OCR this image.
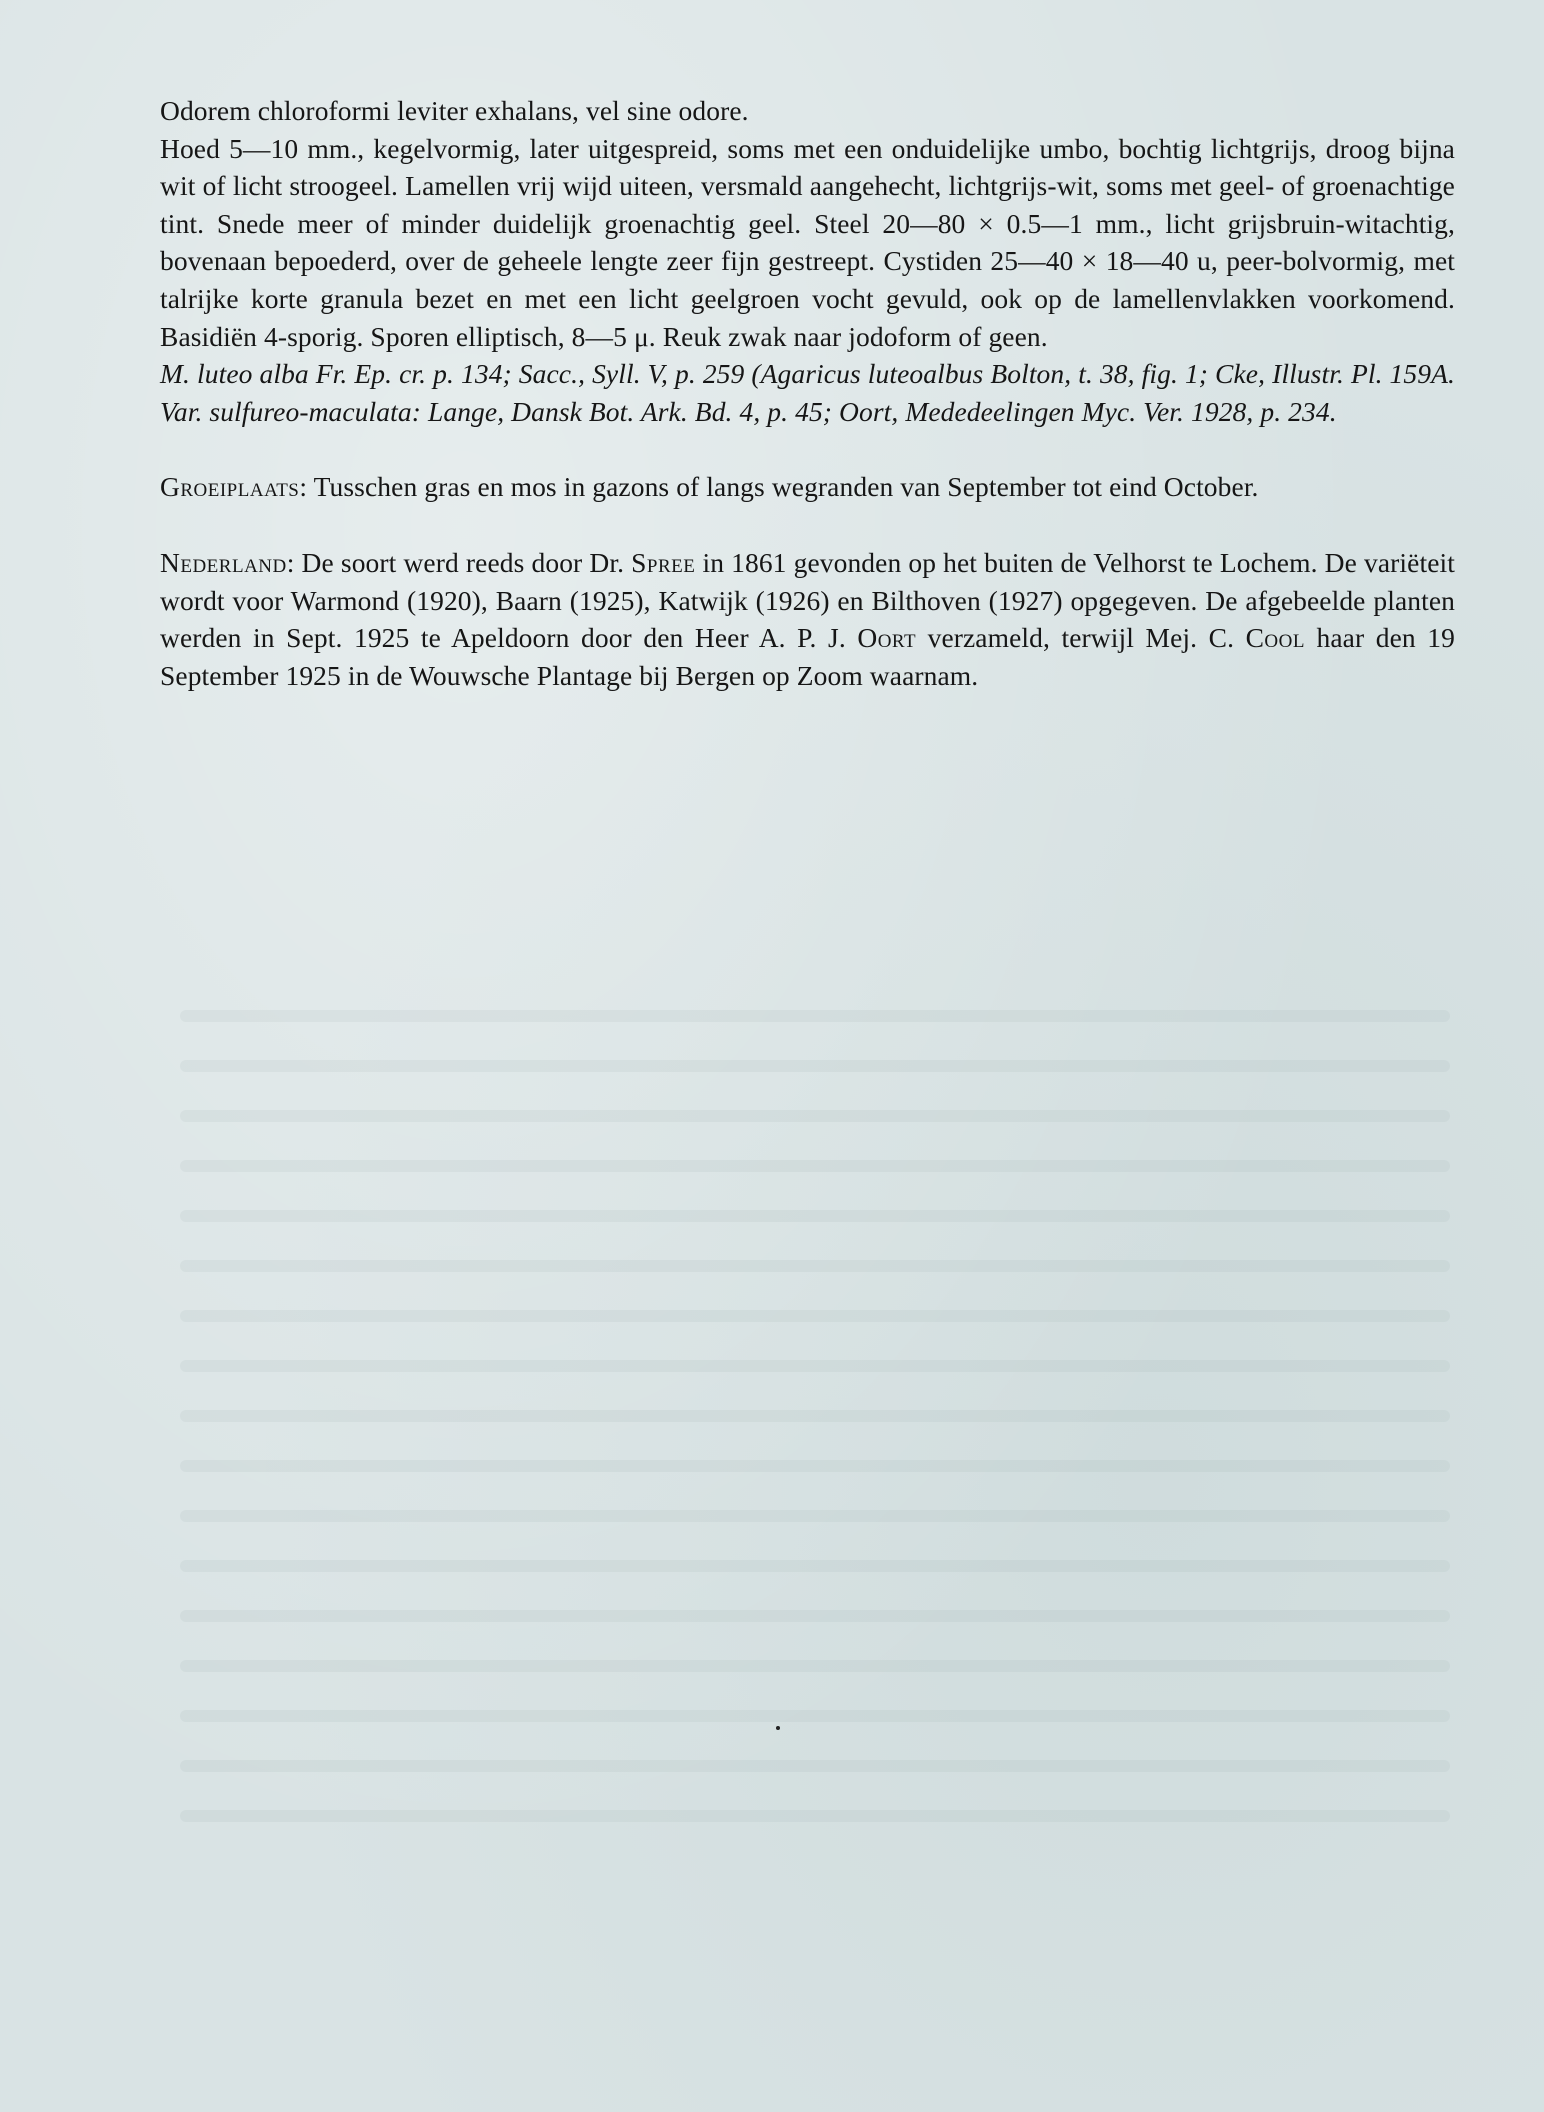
Odorem chloroformi leviter exhalans, vel sine odore.

Hoed 5—10 mm., kegelvormig, later uitgespreid, soms met een onduidelijke umbo, bochtig lichtgrijs, droog bijna wit of licht stroogeel. Lamellen vrij wijd uiteen, versmald aangehecht, lichtgrijs-wit, soms met geel- of groenachtige tint. Snede meer of minder duidelijk groenachtig geel. Steel 20—80 × 0.5—1 mm., licht grijsbruin-witachtig, bovenaan bepoederd, over de geheele lengte zeer fijn gestreept. Cystiden 25—40 × 18—40 u, peer-bolvormig, met talrijke korte granula bezet en met een licht geelgroen vocht gevuld, ook op de lamellenvlakken voorkomend. Basidiën 4-sporig. Sporen elliptisch, 8—5 μ. Reuk zwak naar jodoform of geen.

M. luteo alba Fr. Ep. cr. p. 134; Sacc., Syll. V, p. 259 (Agaricus luteoalbus Bolton, t. 38, fig. 1; Cke, Illustr. Pl. 159A. Var. sulfureo-maculata: Lange, Dansk Bot. Ark. Bd. 4, p. 45; Oort, Mededeelingen Myc. Ver. 1928, p. 234.

Groeiplaats: Tusschen gras en mos in gazons of langs wegranden van September tot eind October.

Nederland: De soort werd reeds door Dr. Spree in 1861 gevonden op het buiten de Velhorst te Lochem. De variëteit wordt voor Warmond (1920), Baarn (1925), Katwijk (1926) en Bilthoven (1927) opgegeven. De afgebeelde planten werden in Sept. 1925 te Apeldoorn door den Heer A. P. J. Oort verzameld, terwijl Mej. C. Cool haar den 19 September 1925 in de Wouwsche Plantage bij Bergen op Zoom waarnam.
